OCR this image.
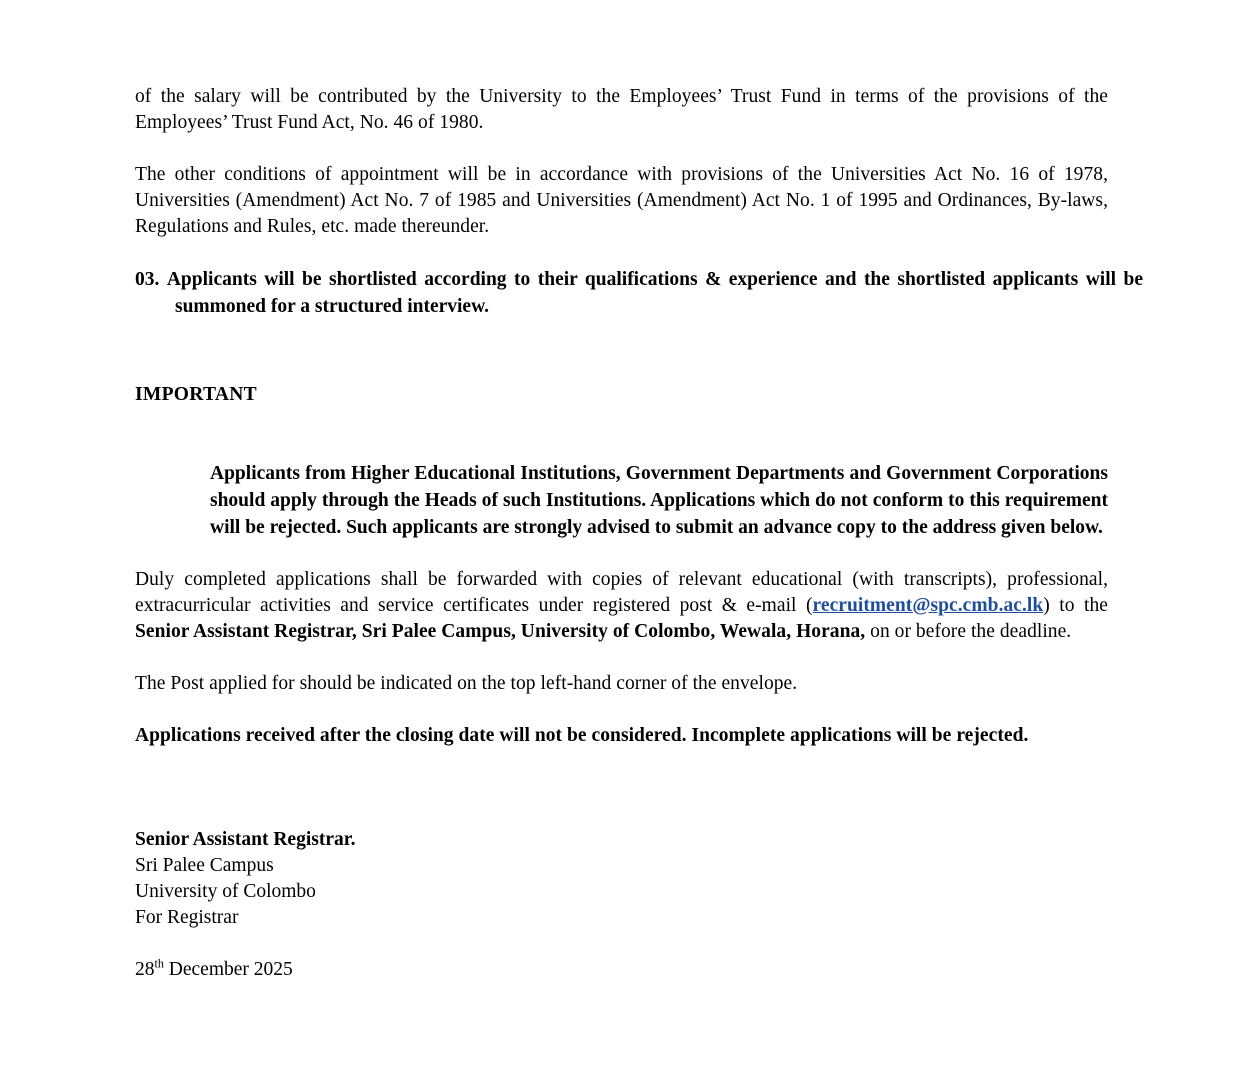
of the salary will be contributed by the University to the Employees’ Trust Fund in terms of the provisions of the Employees’ Trust Fund Act, No. 46 of 1980.

The other conditions of appointment will be in accordance with provisions of the Universities Act No. 16 of 1978, Universities (Amendment) Act No. 7 of 1985 and Universities (Amendment) Act No. 1 of 1995 and Ordinances, By-laws, Regulations and Rules, etc. made thereunder.

03. Applicants will be shortlisted according to their qualifications & experience and the shortlisted applicants will be summoned for a structured interview.
IMPORTANT
Applicants from Higher Educational Institutions, Government Departments and Government Corporations should apply through the Heads of such Institutions. Applications which do not conform to this requirement will be rejected. Such applicants are strongly advised to submit an advance copy to the address given below.

Duly completed applications shall be forwarded with copies of relevant educational (with transcripts), professional, extracurricular activities and service certificates under registered post & e-mail (recruitment@spc.cmb.ac.lk) to the Senior Assistant Registrar, Sri Palee Campus, University of Colombo, Wewala, Horana, on or before the deadline.

The Post applied for should be indicated on the top left-hand corner of the envelope.

Applications received after the closing date will not be considered. Incomplete applications will be rejected.

Senior Assistant Registrar.
Sri Palee Campus
University of Colombo
For Registrar
28th December 2025
